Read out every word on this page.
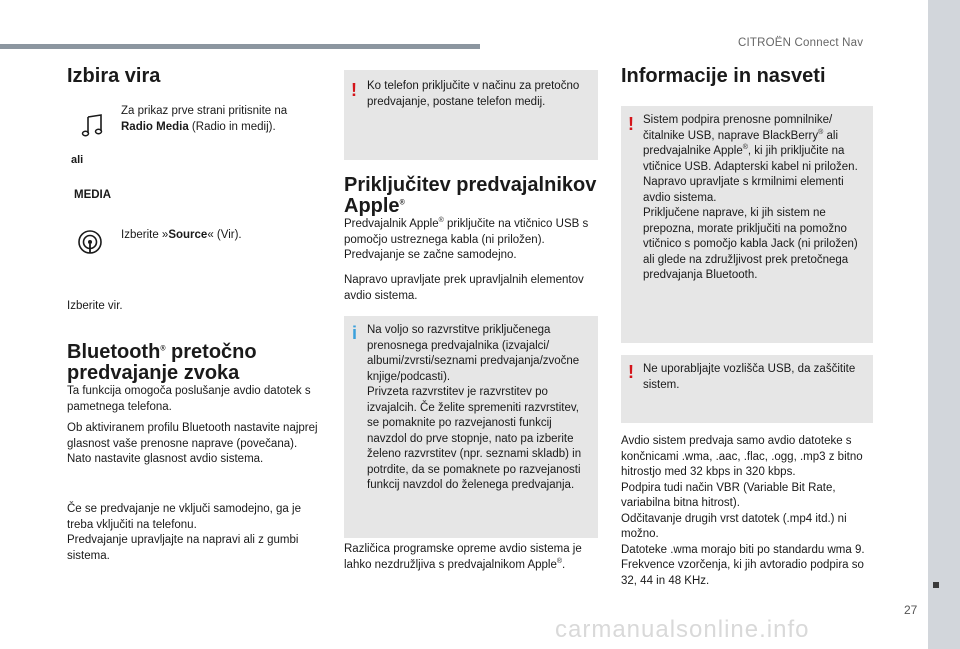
CITROËN Connect Nav
27
carmanualsonline.info
Izbira vira
Za prikaz prve strani pritisnite na Radio Media (Radio in medij).
ali
MEDIA
Izberite »Source« (Vir).
Izberite vir.
Bluetooth® pretočno
predvajanje zvoka

Ta funkcija omogoča poslušanje avdio datotek s pametnega telefona.

Ob aktiviranem profilu Bluetooth nastavite najprej glasnost vaše prenosne naprave (povečana).

Nato nastavite glasnost avdio sistema.

Če se predvajanje ne vključi samodejno, ga je treba vključiti na telefonu.

Predvajanje upravljajte na napravi ali z gumbi sistema.

! Ko telefon priključite v načinu za pretočno predvajanje, postane telefon medij.
Priključitev predvajalnikov
Apple®

Predvajalnik Apple® priključite na vtičnico USB s pomočjo ustreznega kabla (ni priložen).

Predvajanje se začne samodejno.

Napravo upravljate prek upravljalnih elementov avdio sistema.
i Na voljo so razvrstitve priključenega prenosnega predvajalnika (izvajalci/ albumi/zvrsti/seznami predvajanja/zvočne knjige/podcasti).

Privzeta razvrstitev je razvrstitev po izvajalcih. Če želite spremeniti razvrstitev, se pomaknite po razvejanosti funkcij navzdol do prve stopnje, nato pa izberite želeno razvrstitev (npr. seznami skladb) in potrdite, da se pomaknete po razvejanosti funkcij navzdol do želenega predvajanja.

Različica programske opreme avdio sistema je lahko nezdružljiva s predvajalnikom Apple®.
Informacije in nasveti
! Sistem podpira prenosne pomnilnike/ čitalnike USB, naprave BlackBerry® ali predvajalnike Apple®, ki jih priključite na vtičnice USB. Adapterski kabel ni priložen.

Napravo upravljate s krmilnimi elementi avdio sistema.

Priključene naprave, ki jih sistem ne prepozna, morate priključiti na pomožno vtičnico s pomočjo kabla Jack (ni priložen) ali glede na združljivost prek pretočnega predvajanja Bluetooth.

! Ne uporabljajte vozlišča USB, da zaščitite sistem.

Avdio sistem predvaja samo avdio datoteke s končnicami .wma, .aac, .flac, .ogg, .mp3 z bitno hitrostjo med 32 kbps in 320 kbps.

Podpira tudi način VBR (Variable Bit Rate, variabilna bitna hitrost).

Odčitavanje drugih vrst datotek (.mp4 itd.) ni možno.

Datoteke .wma morajo biti po standardu wma 9.

Frekvence vzorčenja, ki jih avtoradio podpira so 32, 44 in 48 KHz.
